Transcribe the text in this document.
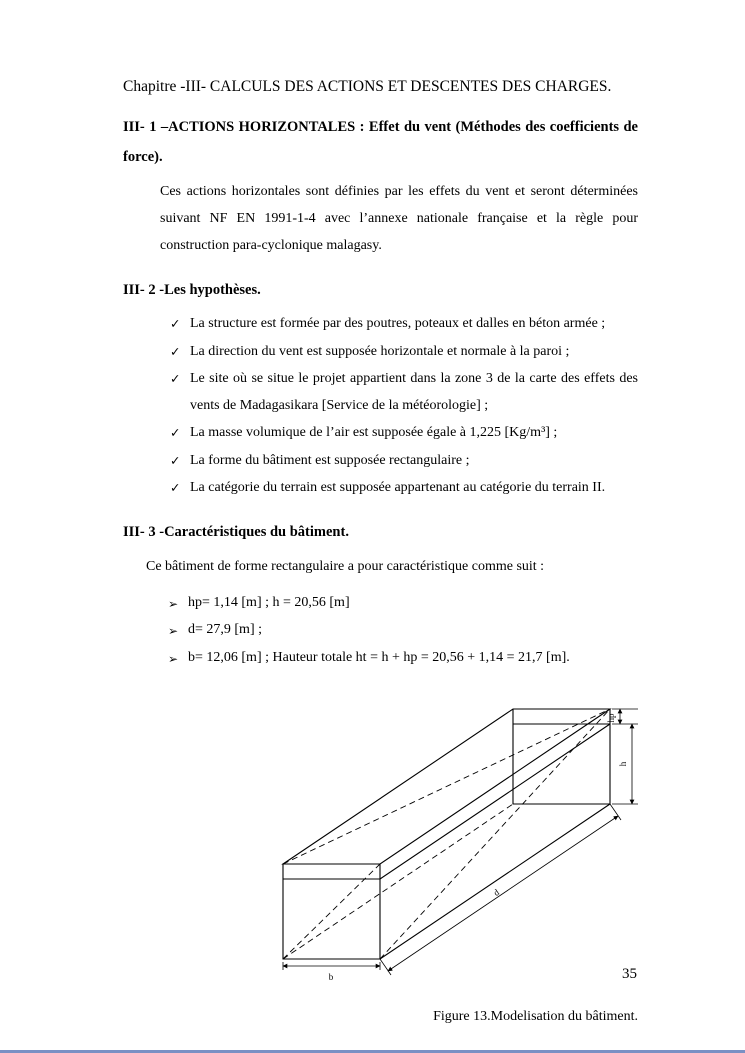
Chapitre -III- CALCULS DES ACTIONS ET DESCENTES DES CHARGES.
III- 1 –ACTIONS HORIZONTALES : Effet du vent (Méthodes des coefficients de force).

Ces actions horizontales sont définies par les effets du vent et seront déterminées suivant NF EN 1991-1-4 avec l’annexe nationale française et la règle pour construction para-cyclonique malagasy.

III- 2 -Les hypothèses.
✓ La structure est formée par des poutres, poteaux et dalles en béton armée ;
✓ La direction du vent est supposée horizontale et normale à la paroi ;
✓ Le site où se situe le projet appartient dans la zone 3 de la carte des effets des vents de Madagasikara [Service de la météorologie] ;
✓ La masse volumique de l’air est supposée égale à 1,225 [Kg/m³] ;
✓ La forme du bâtiment est supposée rectangulaire ;
✓ La catégorie du terrain est supposée appartenant au catégorie du terrain II.
III- 3 -Caractéristiques du bâtiment.

Ce bâtiment de forme rectangulaire a pour caractéristique comme suit :

➢ hp= 1,14 [m] ; h = 20,56 [m]
➢ d= 27,9 [m] ;
➢ b= 12,06 [m] ; Hauteur totale ht = h + hp = 20,56 + 1,14 = 21,7 [m].
b
d
hp
h
Figure 13.Modelisation du bâtiment.
35
